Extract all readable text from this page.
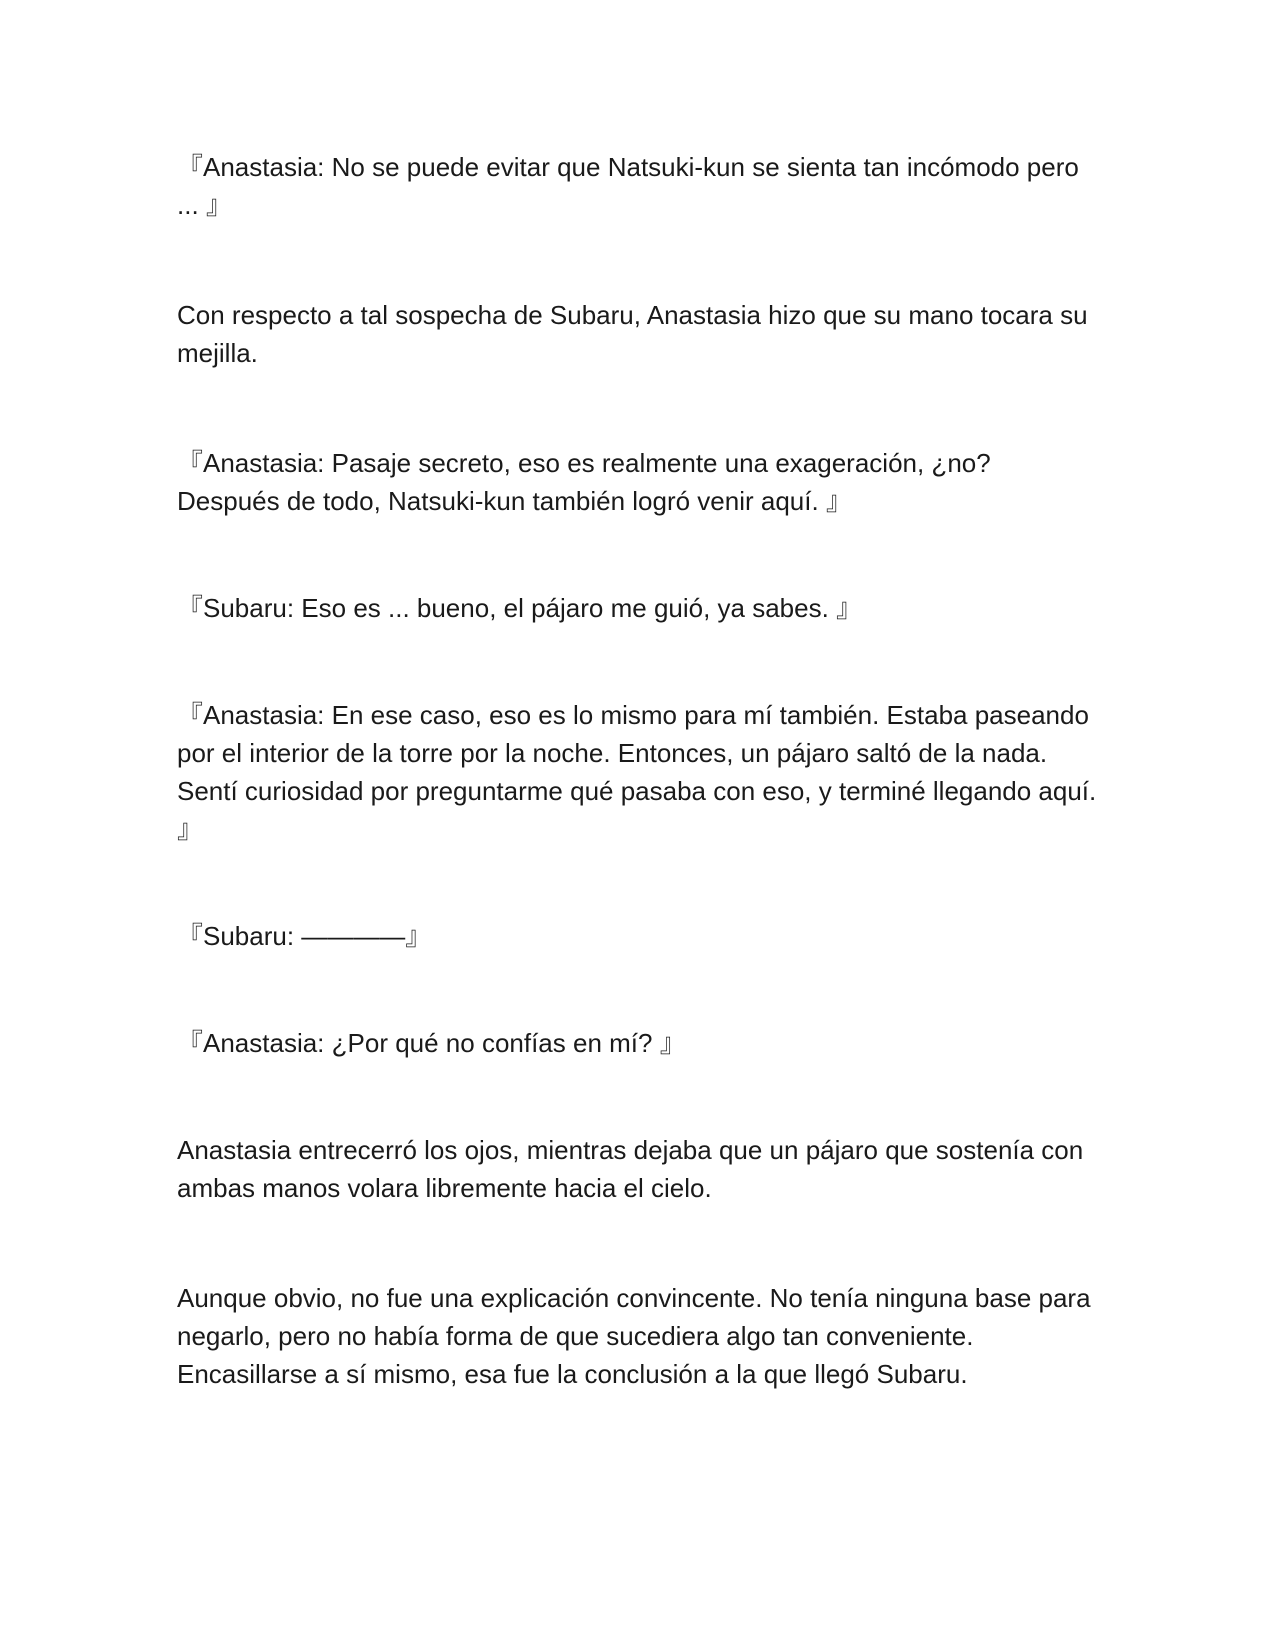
『Anastasia: No se puede evitar que Natsuki-kun se sienta tan incómodo pero ... 』

Con respecto a tal sospecha de Subaru, Anastasia hizo que su mano tocara su mejilla.

『Anastasia: Pasaje secreto, eso es realmente una exageración, ¿no? Después de todo, Natsuki-kun también logró venir aquí. 』

『Subaru: Eso es ... bueno, el pájaro me guió, ya sabes. 』

『Anastasia: En ese caso, eso es lo mismo para mí también. Estaba paseando por el interior de la torre por la noche. Entonces, un pájaro saltó de la nada. Sentí curiosidad por preguntarme qué pasaba con eso, y terminé llegando aquí. 』

『Subaru: ————』

『Anastasia: ¿Por qué no confías en mí? 』

Anastasia entrecerró los ojos, mientras dejaba que un pájaro que sostenía con ambas manos volara libremente hacia el cielo.

Aunque obvio, no fue una explicación convincente. No tenía ninguna base para negarlo, pero no había forma de que sucediera algo tan conveniente. Encasillarse a sí mismo, esa fue la conclusión a la que llegó Subaru.
